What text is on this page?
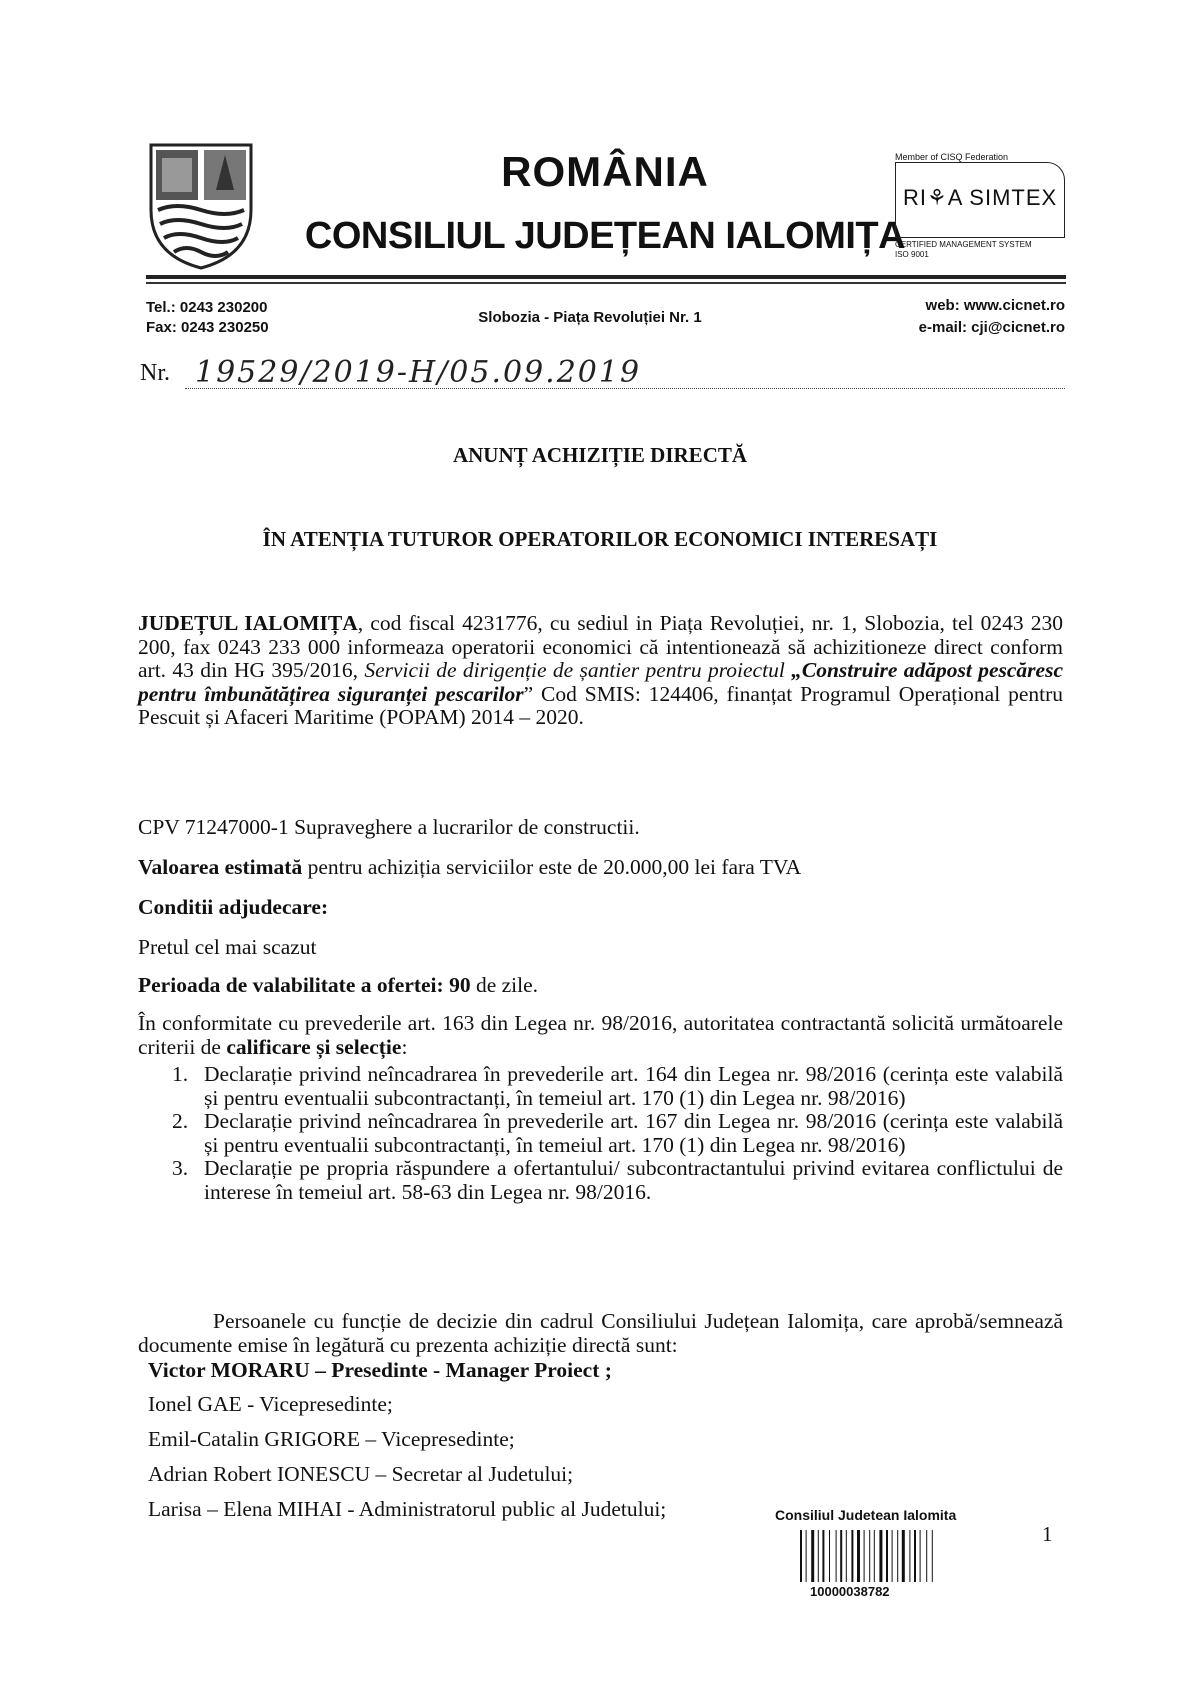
ROMÂNIA
CONSILIUL JUDEȚEAN IALOMIȚA
Member of CISQ Federation
RI⚘A SIMTEX
CERTIFIED MANAGEMENT SYSTEM
ISO 9001
Tel.: 0243 230200
Fax: 0243 230250
Slobozia - Piața Revoluției Nr. 1
web: www.cicnet.ro
e-mail: cji@cicnet.ro
Nr. 19529/2019-H/05.09.2019
ANUNȚ ACHIZIȚIE DIRECTĂ
ÎN ATENȚIA TUTUROR OPERATORILOR ECONOMICI INTERESAȚI
JUDEȚUL IALOMIȚA, cod fiscal 4231776, cu sediul in Piața Revoluției, nr. 1, Slobozia, tel 0243 230 200, fax 0243 233 000 informeaza operatorii economici că intentionează să achizitioneze direct conform art. 43 din HG 395/2016, Servicii de dirigenție de șantier pentru proiectul „Construire adăpost pescăresc pentru îmbunătățirea siguranței pescarilor” Cod SMIS: 124406, finanțat Programul Operațional pentru Pescuit și Afaceri Maritime (POPAM) 2014 – 2020.
CPV 71247000-1 Supraveghere a lucrarilor de constructii.
Valoarea estimată pentru achiziția serviciilor este de 20.000,00 lei fara TVA
Conditii adjudecare:
Pretul cel mai scazut
Perioada de valabilitate a ofertei: 90 de zile.
În conformitate cu prevederile art. 163 din Legea nr. 98/2016, autoritatea contractantă solicită următoarele criterii de calificare și selecție:
1. Declarație privind neîncadrarea în prevederile art. 164 din Legea nr. 98/2016 (cerința este valabilă și pentru eventualii subcontractanți, în temeiul art. 170 (1) din Legea nr. 98/2016)
2. Declarație privind neîncadrarea în prevederile art. 167 din Legea nr. 98/2016 (cerința este valabilă și pentru eventualii subcontractanți, în temeiul art. 170 (1) din Legea nr. 98/2016)
3. Declarație pe propria răspundere a ofertantului/ subcontractantului privind evitarea conflictului de interese în temeiul art. 58-63 din Legea nr. 98/2016.
Persoanele cu funcție de decizie din cadrul Consiliului Județean Ialomița, care aprobă/semnează documente emise în legătură cu prezenta achiziție directă sunt:
Victor MORARU – Presedinte - Manager Proiect ;
Ionel GAE - Vicepresedinte;
Emil-Catalin GRIGORE – Vicepresedinte;
Adrian Robert IONESCU – Secretar al Judetului;
Larisa – Elena MIHAI - Administratorul public al Judetului;	Consiliul Judetean Ialomita
10000038782
1
